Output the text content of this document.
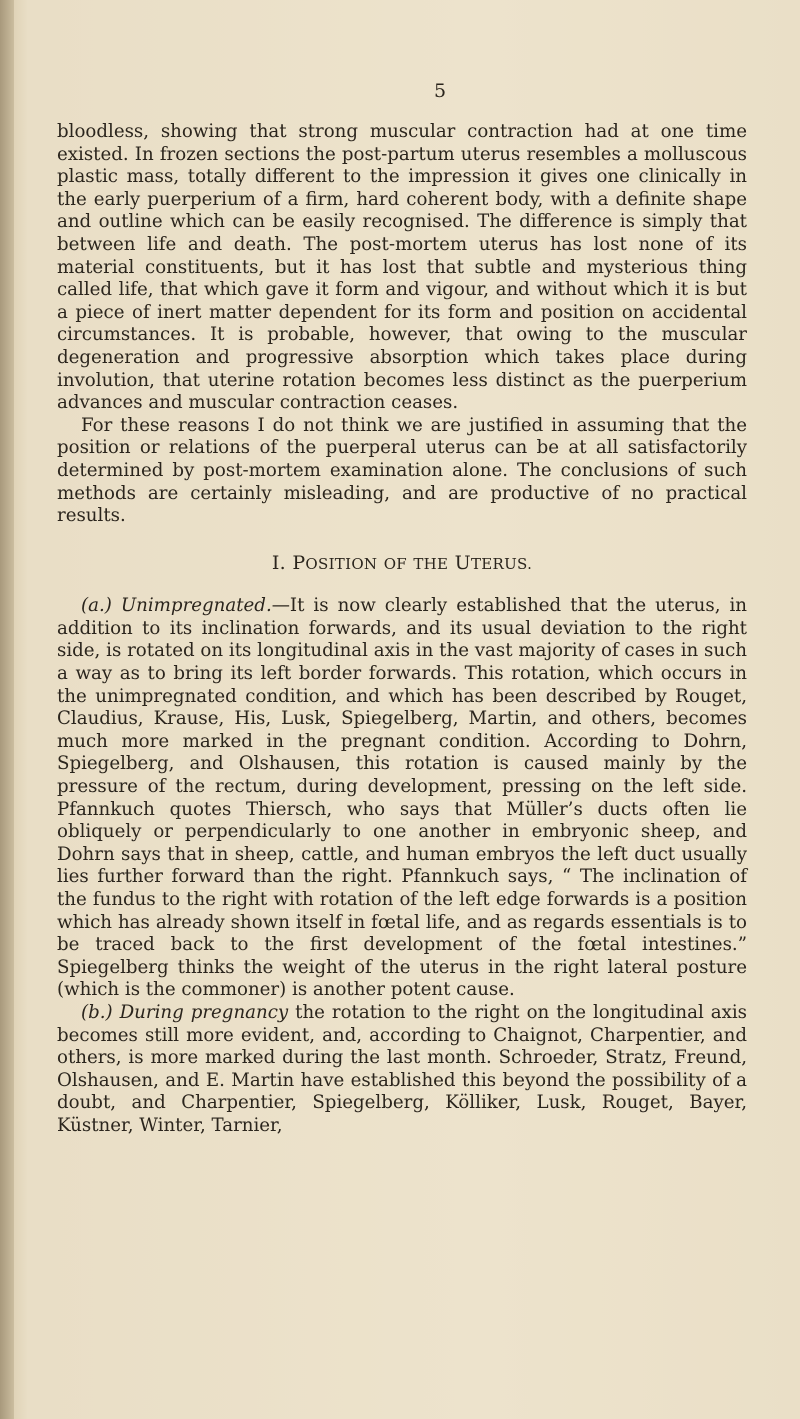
5

bloodless, showing that strong muscular contraction had at one time existed. In frozen sections the post-partum uterus resembles a molluscous plastic mass, totally different to the impression it gives one clinically in the early puerperium of a firm, hard coherent body, with a definite shape and outline which can be easily recognised. The difference is simply that between life and death. The post-mortem uterus has lost none of its material constituents, but it has lost that subtle and mysterious thing called life, that which gave it form and vigour, and without which it is but a piece of inert matter dependent for its form and position on accidental circumstances. It is probable, however, that owing to the muscular degeneration and progressive absorption which takes place during involution, that uterine rotation becomes less distinct as the puerperium advances and muscular contraction ceases.

For these reasons I do not think we are justified in assuming that the position or relations of the puerperal uterus can be at all satisfactorily determined by post-mortem examination alone. The conclusions of such methods are certainly misleading, and are productive of no practical results.

I. POSITION OF THE UTERUS.

(a.) Unimpregnated.—It is now clearly established that the uterus, in addition to its inclination forwards, and its usual deviation to the right side, is rotated on its longitudinal axis in the vast majority of cases in such a way as to bring its left border forwards. This rotation, which occurs in the unimpregnated condition, and which has been described by Rouget, Claudius, Krause, His, Lusk, Spiegelberg, Martin, and others, becomes much more marked in the pregnant condition. According to Dohrn, Spiegelberg, and Olshausen, this rotation is caused mainly by the pressure of the rectum, during development, pressing on the left side. Pfannkuch quotes Thiersch, who says that Müller’s ducts often lie obliquely or perpendicularly to one another in embryonic sheep, and Dohrn says that in sheep, cattle, and human embryos the left duct usually lies further forward than the right. Pfannkuch says, “ The inclination of the fundus to the right with rotation of the left edge forwards is a position which has already shown itself in fœtal life, and as regards essentials is to be traced back to the first development of the fœtal intestines.” Spiegelberg thinks the weight of the uterus in the right lateral posture (which is the commoner) is another potent cause.

(b.) During pregnancy the rotation to the right on the longitudinal axis becomes still more evident, and, according to Chaignot, Charpentier, and others, is more marked during the last month. Schroeder, Stratz, Freund, Olshausen, and E. Martin have established this beyond the possibility of a doubt, and Charpentier, Spiegelberg, Kölliker, Lusk, Rouget, Bayer, Küstner, Winter, Tarnier,
